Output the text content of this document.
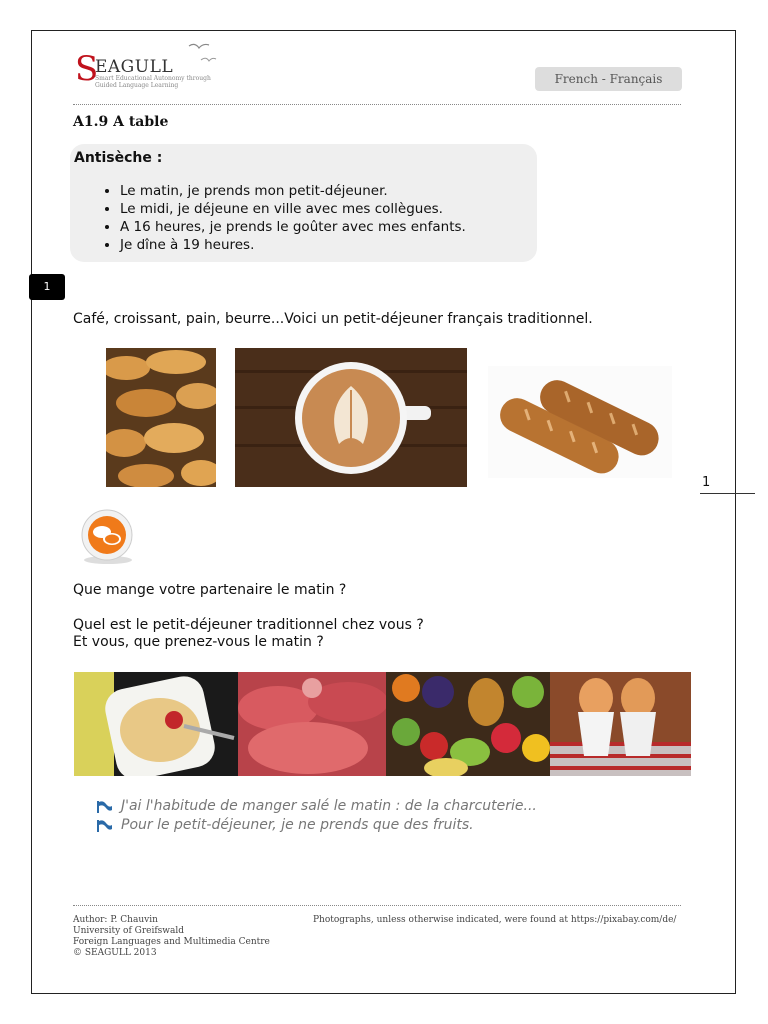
S
EAGULL
Smart Educational Autonomy through Guided Language Learning	French - Français
A1.9 A table
Antisèche :
• Le matin, je prends mon petit-déjeuner.
• Le midi, je déjeune en ville avec mes collègues.
• A 16 heures, je prends le goûter avec mes enfants.
• Je dîne à 19 heures.
1
1
Café, croissant, pain, beurre...Voici un petit-déjeuner français traditionnel.
Que mange votre partenaire le matin ?
Quel est le petit-déjeuner traditionnel chez vous ?
Et vous, que prenez-vous le matin ?
J'ai l'habitude de manger salé le matin : de la charcuterie...
Pour le petit-déjeuner, je ne prends que des fruits.
Author: P. Chauvin
University of Greifswald
Foreign Languages and Multimedia Centre
© SEAGULL 2013
Photographs, unless otherwise indicated, were found at https://pixabay.com/de/
